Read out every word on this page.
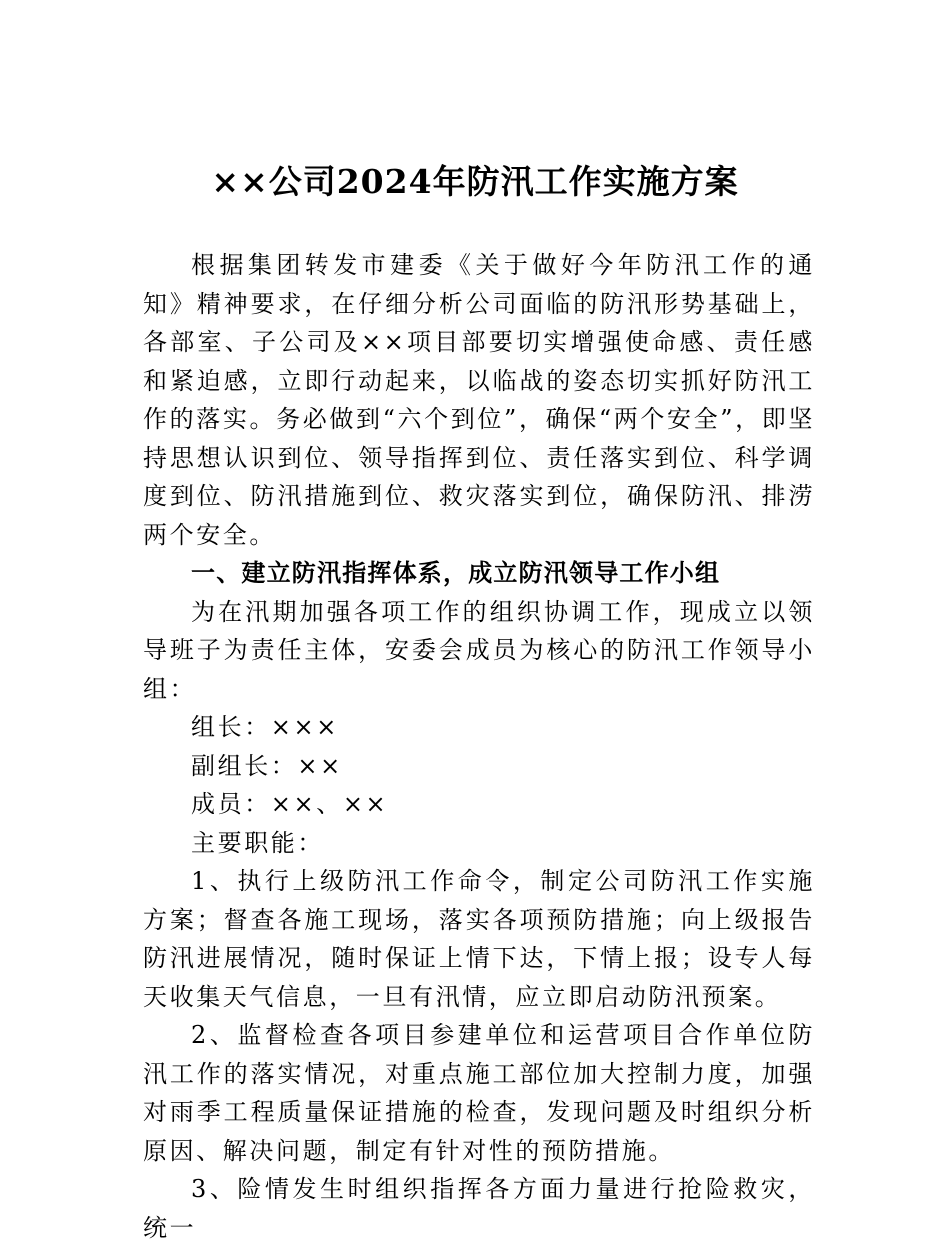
××公司2024年防汛工作实施方案

根据集团转发市建委《关于做好今年防汛工作的通知》精神要求，在仔细分析公司面临的防汛形势基础上，各部室、子公司及××项目部要切实增强使命感、责任感和紧迫感，立即行动起来，以临战的姿态切实抓好防汛工作的落实。务必做到“六个到位”，确保“两个安全”，即坚持思想认识到位、领导指挥到位、责任落实到位、科学调度到位、防汛措施到位、救灾落实到位，确保防汛、排涝两个安全。

一、建立防汛指挥体系，成立防汛领导工作小组

为在汛期加强各项工作的组织协调工作，现成立以领导班子为责任主体，安委会成员为核心的防汛工作领导小组：

组长：×××

副组长：××

成员：××、××

主要职能：

1、执行上级防汛工作命令，制定公司防汛工作实施方案；督查各施工现场，落实各项预防措施；向上级报告防汛进展情况，随时保证上情下达，下情上报；设专人每天收集天气信息，一旦有汛情，应立即启动防汛预案。

2、监督检查各项目参建单位和运营项目合作单位防汛工作的落实情况，对重点施工部位加大控制力度，加强对雨季工程质量保证措施的检查，发现问题及时组织分析原因、解决问题，制定有针对性的预防措施。

3、险情发生时组织指挥各方面力量进行抢险救灾，统一
